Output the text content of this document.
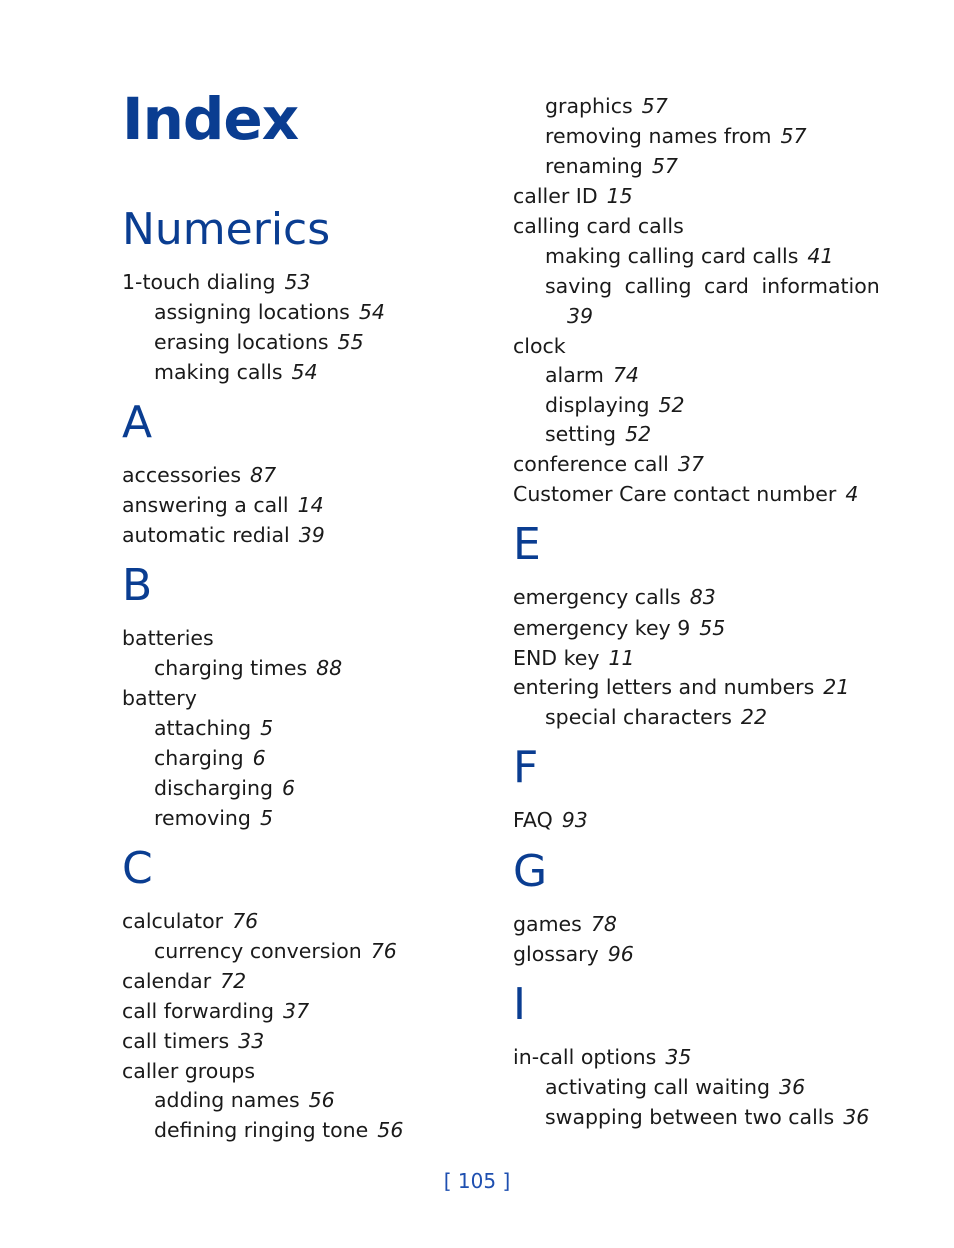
Index
Numerics
1-touch dialing 53
assigning locations 54
erasing locations 55
making calls 54
A
accessories 87
answering a call 14
automatic redial 39
B
batteries
charging times 88
battery
attaching 5
charging 6
discharging 6
removing 5
C
calculator 76
currency conversion 76
calendar 72
call forwarding 37
call timers 33
caller groups
adding names 56
defining ringing tone 56
graphics 57
removing names from 57
renaming 57
caller ID 15
calling card calls
making calling card calls 41
saving calling card information
39
clock
alarm 74
displaying 52
setting 52
conference call 37
Customer Care contact number 4
E
emergency calls 83
emergency key 9 55
END key 11
entering letters and numbers 21
special characters 22
F
FAQ 93
G
games 78
glossary 96
I
in-call options 35
activating call waiting 36
swapping between two calls 36
[ 105 ]
